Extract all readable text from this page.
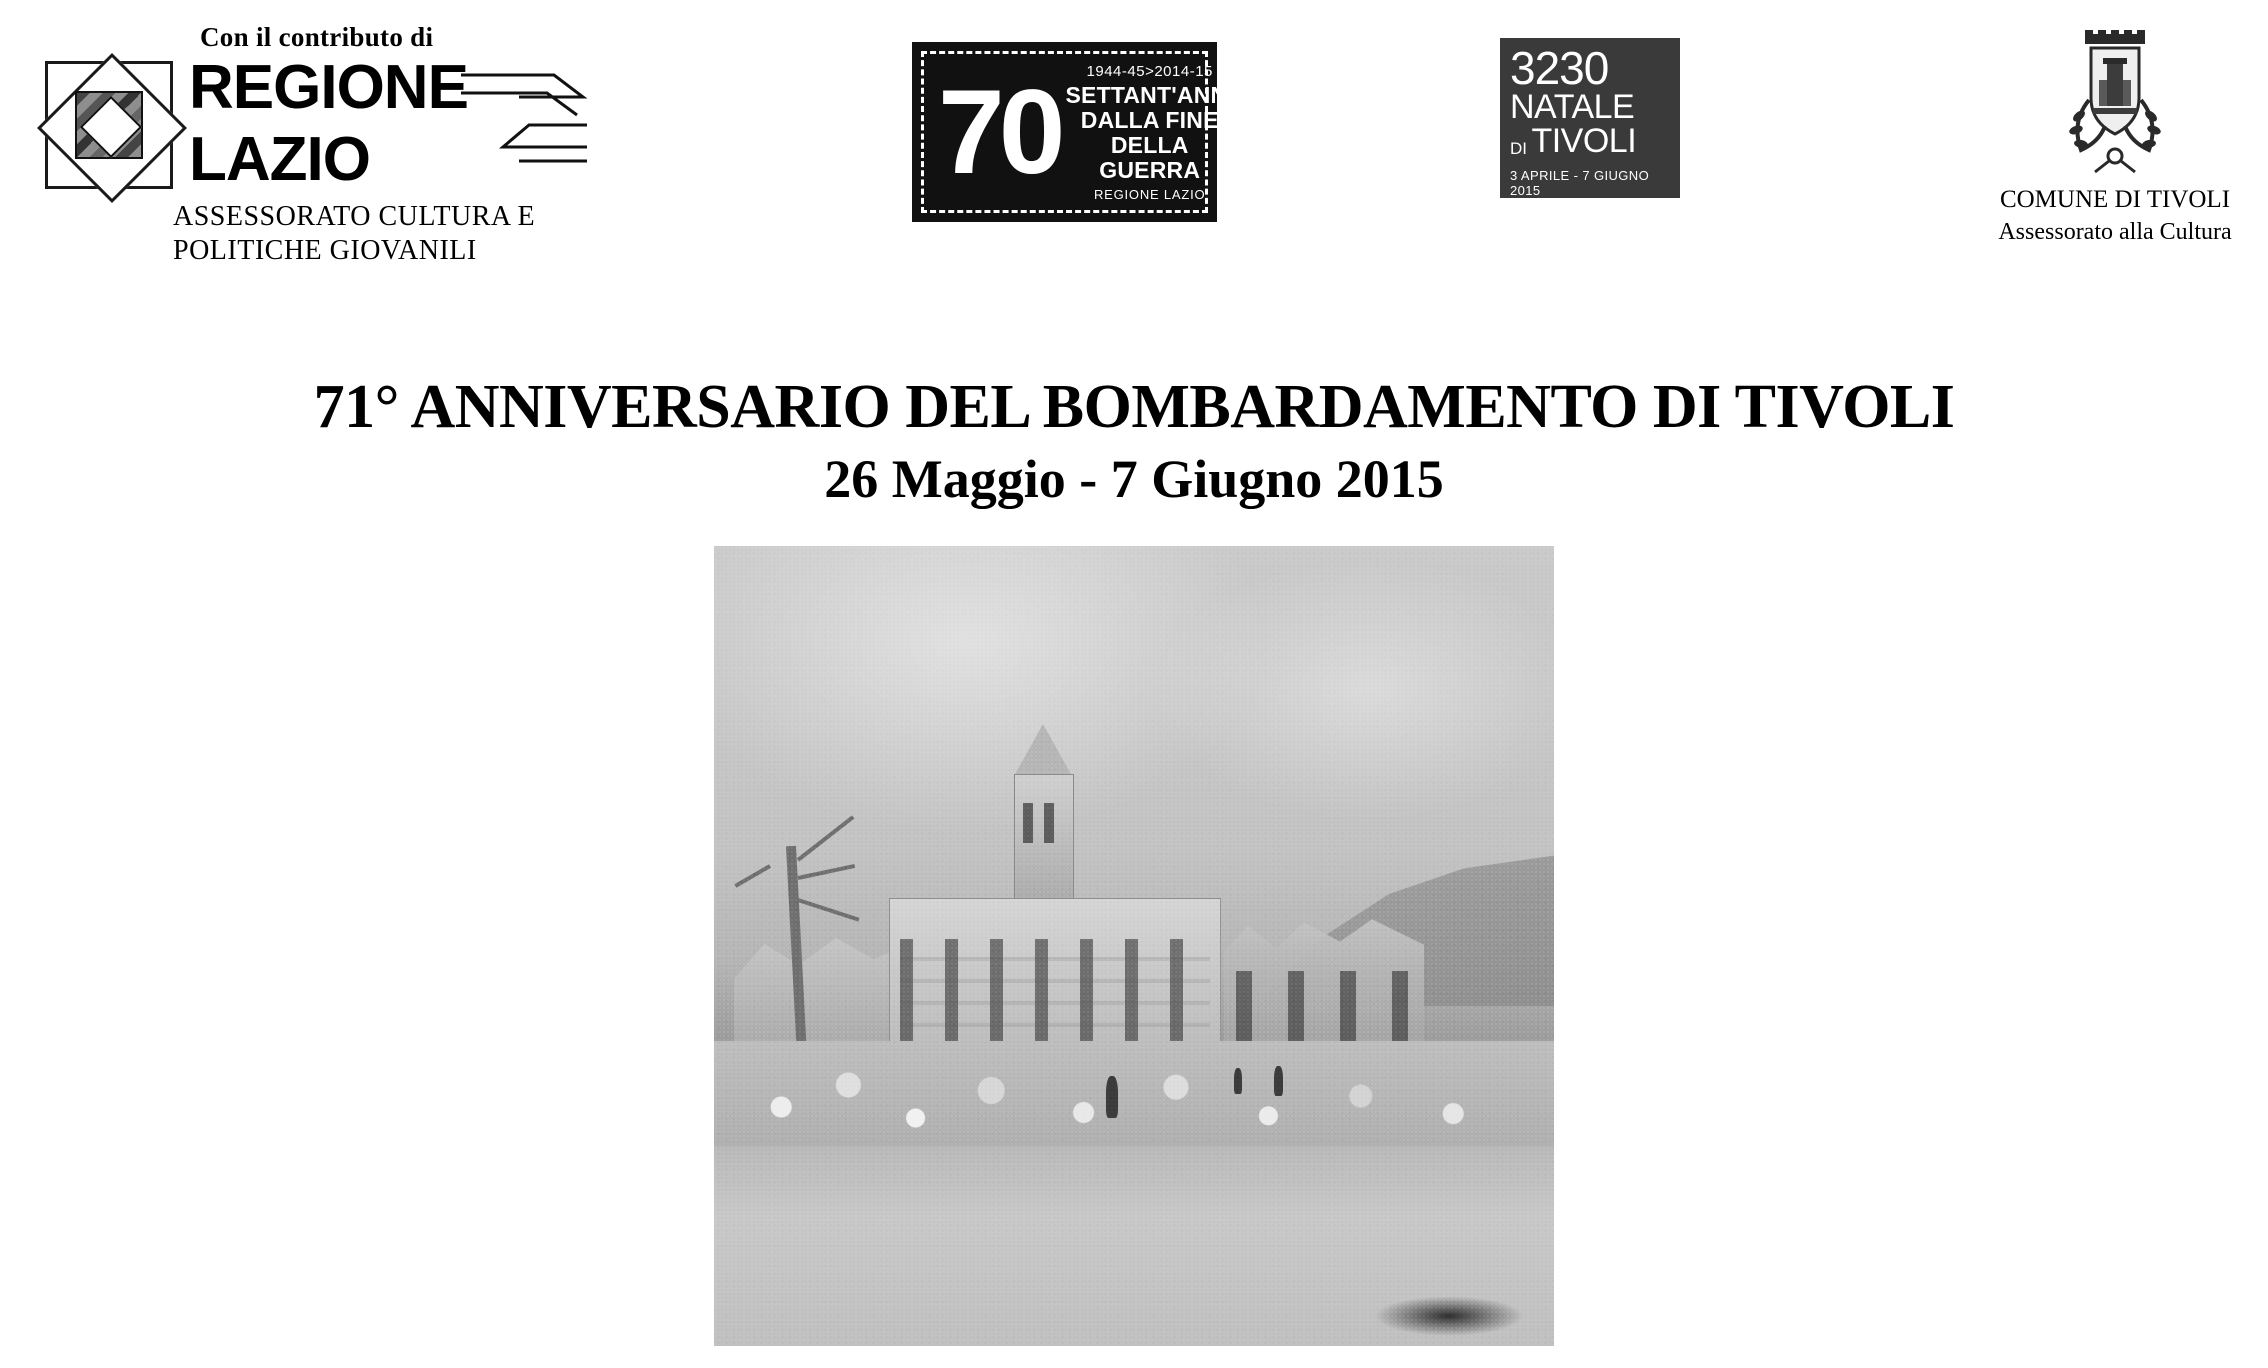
Con il contributo di
REGIONE
LAZIO
ASSESSORATO CULTURA E
POLITICHE GIOVANILI
70	1944-45>2014-15
SETTANT'ANNI
DALLA FINE
DELLA GUERRA
REGIONE LAZIO
3230
NATALE
DI TIVOLI
3 APRILE - 7 GIUGNO 2015	COMUNE DI TIVOLI
Assessorato alla Cultura
71° ANNIVERSARIO DEL BOMBARDAMENTO DI TIVOLI
26 Maggio - 7 Giugno 2015
